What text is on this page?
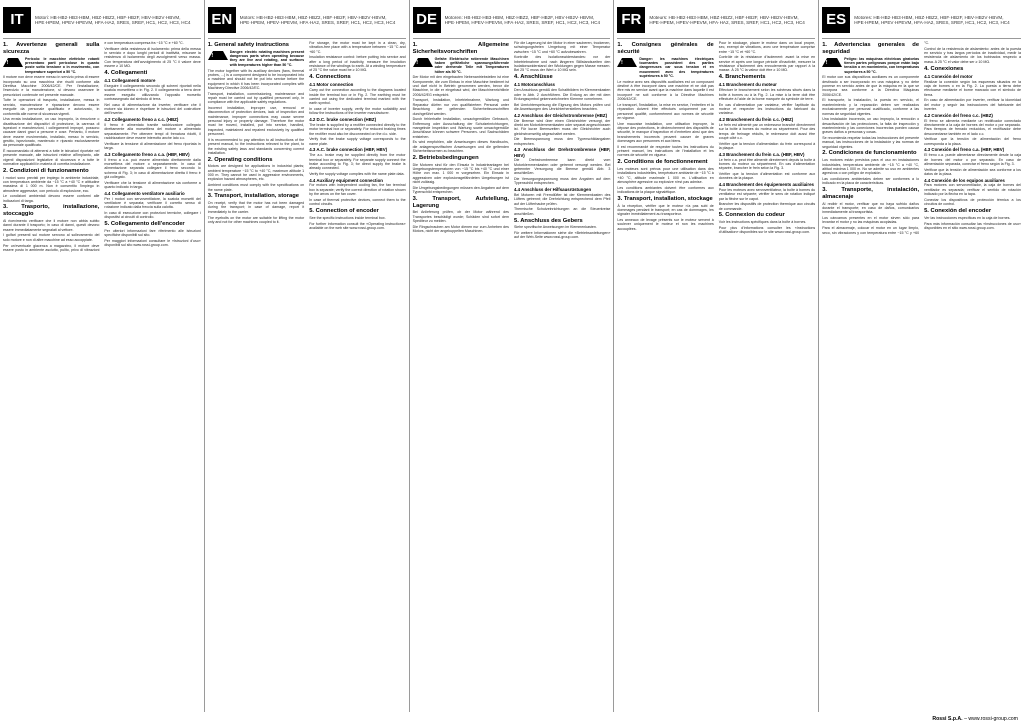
IT	Motori: HB·HB2·HB3·HBM, HBZ·HBZ2, HBF·HB2F, HBV·HB2V·HBVM, HPE·HPEM, HPEV·HPEVM, HFA·HA2, SRES, SREF, HC1, HC2, HC3, HC4
1. Avvertenze generali sulla sicurezza
!

Pericolo: le macchine elettriche rotanti presentano parti pericolose in quanto poste sotto tensione o in movimento, con temperature superiori a 50 °C.

Il motore non deve essere messo in servizio prima di essere incorporato su una macchina che risulti conforme alla Direttiva Macchine 2006/42/CE. Per l'installazione, l'esercizio e la manutenzione, si devono osservare le prescrizioni contenute nel presente manuale.

Tutte le operazioni di trasporto, installazione, messa in servizio, manutenzione e riparazione devono essere eseguite da personale qualificato e autorizzato, in conformità alle norme di sicurezza vigenti.

Una errata installazione, un uso improprio, la rimozione o disattivazione dei dispositivi di protezione, la carenza di ispezioni e manutenzioni, i collegamenti impropri, possono causare danni gravi a persone e cose. Pertanto, il motore deve essere movimentato, installato, messo in servizio, gestito, ispezionato, mantenuto e riparato esclusivamente da personale qualificato.

È raccomandato di attenersi a tutte le istruzioni riportate nel presente manuale, alle istruzioni relative all'impianto, alle vigenti disposizioni legislative di sicurezza e a tutte le normative applicabili in materia di corretta installazione.

2. Condizioni di funzionamento

I motori sono previsti per impiego in ambiente industriale, con temperatura ambiente da −15 °C a +40 °C e altitudine massima di 1 000 m. Non è consentito l'impiego in atmosfere aggressive, con pericolo di esplosione, ecc.

Le condizioni ambientali devono essere conformi alle indicazioni di targa.

3. Trasporto, installazione, stoccaggio

Al ricevimento verificare che il motore non abbia subito danni durante il trasporto; in caso di danni, questi devono essere immediatamente segnalati al vettore.

I golfari presenti sul motore servono al sollevamento del solo motore e non di altre macchine ad esso accoppiate.

Per un'eventuale giacenza a magazzino, il motore deve essere posto in ambiente asciutto, pulito, privo di vibrazioni e con temperatura compresa fra −15 °C e +60 °C.

Verificare della resistenza di isolamento: prima della messa in servizio e dopo lunghi periodi di inattività, misurare la resistenza di isolamento degli avvolgimenti verso massa. Con temperatura dell'avvolgimento di 25 °C il valore deve essere ≥ 10 MΩ.

4. Collegamenti
4.1 Collegamenti motore

Eseguire il collegamento secondo gli schemi riportati nella scatola morsettiera o in Fig. 2. Il collegamento a terra deve essere eseguito utilizzando l'apposito morsetto contrassegnato dal simbolo di terra.

Nel caso di alimentazione da inverter, verificare che il motore sia idoneo e rispettare le istruzioni del costruttore dell'inverter.

4.2 Collegamento freno a c.c. (HBZ)

Il freno è alimentato tramite raddrizzatore collegato direttamente alla morsettiera del motore o alimentato separatamente. Per ottenere tempi di frenatura ridotti, il raddrizzatore deve essere interrotto anche lato c.c.

Verificare la tensione di alimentazione del freno riportata in targa.

4.3 Collegamento freno a c.a. (HBF, HBV)

Il freno a c.a. può essere alimentato direttamente dalla morsettiera del motore o separatamente. In caso di alimentazione separata collegare il freno secondo lo schema di Fig. 3; in caso di alimentazione diretta il freno è già collegato.

Verificare che la tensione di alimentazione sia conforme a quanto indicato in targa.

4.4 Collegamento ventilatore ausiliario

Per i motori con servoventilatore, la scatola morsetti del ventilatore è separata; verificare il corretto senso di rotazione indicato dalla freccia sulla calotta.

In caso di esecuzione con protezioni termiche, collegare i dispositivi ai circuiti di controllo.

5. Collegamento dell'encoder

Per ulteriori informazioni fare riferimento alle istruzioni specifiche disponibili sul sito.

Per maggiori informazioni consultare le «Istruzioni d'uso» disponibili sul sito www.rossi-group.com.

EN	Motors: HB·HB2·HB3·HBM, HBZ·HBZ2, HBF·HB2F, HBV·HB2V·HBVM, HPE·HPEM, HPEV·HPEVM, HFA·HA2, SRES, SREF, HC1, HC2, HC3, HC4
1. General safety instructions
!

Danger: electric rotating machines present dangerous parts when operating because they are live and rotating, and surfaces with temperatures higher than 50 °C.

The motor together with its auxiliary devices (fans, thermal probes, ...) is a component designed to be incorporated into a machine and should not be put into service before the equipment in which it has been incorporated complies with Machinery Directive 2006/42/EC.

Transport, installation, commissioning, maintenance and repair must be carried out by qualified personnel only, in compliance with the applicable safety regulations.

Incorrect installation, improper use, removal or disconnection of protection devices, lack of inspection and maintenance, improper connections may cause severe personal injury or property damage. Therefore the motor must be moved, installed, put into service, handled, inspected, maintained and repaired exclusively by qualified personnel.

It is recommended to pay attention to all instructions of the present manual, to the instructions relevant to the plant, to the existing safety laws and standards concerning correct installation.

2. Operating conditions

Motors are designed for applications in industrial plants; ambient temperature −15 °C to +40 °C, maximum altitude 1 000 m. They cannot be used in aggressive environments, explosion hazard atmospheres, etc.

Ambient conditions must comply with the specifications on the name plate.

3. Transport, installation, storage

On receipt, verify that the motor has not been damaged during the transport; in case of damage, report it immediately to the carrier.

The eyebolts on the motor are suitable for lifting the motor only and not for other machines coupled to it.

For storage, the motor must be kept in a clean, dry, vibration-free place with a temperature between −15 °C and +60 °C.

Insulation resistance control: before putting into service and after a long period of inactivity, measure the insulation resistance of the windings to earth. At a winding temperature of 25 °C the value must be ≥ 10 MΩ.

4. Connections
4.1 Motor connection

Carry out the connection according to the diagrams located inside the terminal box or in Fig. 2. The earthing must be carried out using the dedicated terminal marked with the earth symbol.

In case of inverter supply, verify the motor suitability and follow the instructions of the inverter manufacturer.

4.2 D.C. brake connection (HBZ)

The brake is supplied by a rectifier connected directly to the motor terminal box or separately. For reduced braking times the rectifier must also be disconnected on the d.c. side.

Verify that the brake supply voltage corresponds to the name plate.

4.3 A.C. brake connection (HBF, HBV)

The a.c. brake may be supplied directly from the motor terminal box or separately. For separate supply connect the brake according to Fig. 3; for direct supply the brake is already connected.

Verify the supply voltage complies with the name plate data.

4.4 Auxiliary equipment connection

For motors with independent cooling fan, the fan terminal box is separate; verify the correct direction of rotation shown by the arrow on the fan cover.

In case of thermal protective devices, connect them to the control circuits.

5. Connection of encoder

See the specific instructions inside terminal box.

For further information consult the «Operating instructions» available on the web site www.rossi-group.com.

DE	Motoren: HB·HB2·HB3·HBM, HBZ·HBZ2, HBF·HB2F, HBV·HB2V·HBVM, HPE·HPEM, HPEV·HPEVM, HFA·HA2, SRES, SREF, HC1, HC2, HC3, HC4
1. Allgemeine Sicherheitsvorschriften
!

Gefahr: Elektrische rotierende Maschinen haben gefährliche spannungsführende oder drehende Teile mit Temperaturen höher als 50 °C.

Der Motor mit den eingebauten Nebenantriebsteilen ist eine Komponente, die zum Einbau in eine Maschine bestimmt ist und darf nicht in Betrieb genommen werden, bevor die Maschine, in die er eingebaut wird, der Maschinenrichtlinie 2006/42/EG entspricht.

Transport, Installation, Inbetriebnahme, Wartung und Reparatur dürfen nur von qualifiziertem Personal unter Beachtung der geltenden Sicherheitsvorschriften durchgeführt werden.

Durch fehlerhafte Installation, unsachgemäßen Gebrauch, Entfernung oder Ausschaltung der Schutzeinrichtungen, mangelnde Inspektion und Wartung sowie unsachgemäße Anschlüsse können schwere Personen- und Sachschäden entstehen.

Es wird empfohlen, alle Anweisungen dieses Handbuchs, die anlagenspezifischen Anweisungen und die geltenden Sicherheitsnormen zu beachten.

2. Betriebsbedingungen

Die Motoren sind für den Einsatz in Industrieanlagen bei Umgebungstemperaturen von −15 °C bis +40 °C und einer Höhe von max. 1 000 m vorgesehen. Ein Einsatz in aggressiven oder explosionsgefährdeten Umgebungen ist nicht zulässig.

Die Umgebungsbedingungen müssen den Angaben auf dem Typenschild entsprechen.

3. Transport, Aufstellung, Lagerung

Bei Anlieferung prüfen, ob der Motor während des Transportes beschädigt wurde; Schäden sind sofort dem Spediteur zu melden.

Die Ringschrauben am Motor dienen nur zum Anheben des Motors, nicht der angekuppelten Maschinen.

Für die Lagerung ist der Motor in einer sauberen, trockenen, schwingungsfreien Umgebung mit einer Temperatur zwischen −15 °C und +60 °C aufzubewahren.

Kontrolle des Isolationswiderstandes: vor der Inbetriebnahme und nach längeren Stillstandszeiten den Isolationswiderstand der Wicklungen gegen Masse messen. Bei 25 °C muss der Wert ≥ 10 MΩ sein.

4. Anschlüsse
4.1 Motoranschluss

Den Anschluss gemäß den Schaltbildern im Klemmenkasten oder in Abb. 2 durchführen. Die Erdung an der mit dem Erdungssymbol gekennzeichneten Klemme vornehmen.

Bei Umrichterspeisung die Eignung des Motors prüfen und die Anweisungen des Umrichterherstellers beachten.

4.2 Anschluss der Gleichstrombremse (HBZ)

Die Bremse wird über einen Gleichrichter versorgt, der direkt am Motorklemmenkasten oder separat angeschlossen ist. Für kurze Bremszeiten muss der Gleichrichter auch gleichstromseitig abgeschaltet werden.

Die Bremsspannung muss den Typenschildangaben entsprechen.

4.3 Anschluss der Drehstrombremse (HBF, HBV)

Die Drehstrombremse kann direkt vom Motorklemmenkasten oder getrennt versorgt werden. Bei getrennter Versorgung die Bremse gemäß Abb. 3 anschließen.

Die Versorgungsspannung muss den Angaben auf dem Typenschild entsprechen.

4.4 Anschluss der Hilfsausrüstungen

Bei Motoren mit Fremdlüfter ist der Klemmenkasten des Lüfters getrennt; die Drehrichtung entsprechend dem Pfeil auf der Lüfterhaube prüfen.

Thermische Schutzeinrichtungen an die Steuerkreise anschließen.

5. Anschluss des Gebers

Siehe spezifische Anweisungen im Klemmenkasten.

Für weitere Informationen siehe die «Betriebsanleitungen» auf der Web-Seite www.rossi-group.com.

FR	Moteurs: HB·HB2·HB3·HBM, HBZ·HBZ2, HBF·HB2F, HBV·HB2V·HBVM, HPE·HPEM, HPEV·HPEVM, HFA·HA2, SRES, SREF, HC1, HC2, HC3, HC4
1. Consignes générales de sécurité
!

Danger: les machines électriques tournantes possèdent des parties dangereuses car sous tension et en mouvement avec des températures supérieures à 50 °C.

Le moteur avec ses dispositifs auxiliaires est un composant destiné à être incorporé dans une machine et ne doit pas être mis en service avant que la machine dans laquelle il est incorporé ne soit conforme à la Directive Machines 2006/42/CE.

Le transport, l'installation, la mise en service, l'entretien et la réparation doivent être effectués uniquement par un personnel qualifié, conformément aux normes de sécurité en vigueur.

Une mauvaise installation, une utilisation impropre, la dépose des protections, le déclenchement des dispositifs de sécurité, le manque d'inspection et d'entretien ainsi que des branchements incorrects peuvent causer de graves dommages aux personnes et aux biens.

Il est recommandé de respecter toutes les instructions du présent manuel, les instructions de l'installation et les normes de sécurité en vigueur.

2. Conditions de fonctionnement

Les moteurs sont prévus pour une utilisation dans des installations industrielles, température ambiante de −15 °C à +40 °C, altitude maximale 1 000 m. L'utilisation en atmosphère agressive ou explosive n'est pas admise.

Les conditions ambiantes doivent être conformes aux indications de la plaque signalétique.

3. Transport, installation, stockage

À la réception, vérifier que le moteur n'a pas subi de dommages pendant le transport; en cas de dommages, les signaler immédiatement au transporteur.

Les anneaux de levage présents sur le moteur servent à soulever uniquement le moteur et non les machines accouplées.

Pour le stockage, placer le moteur dans un local propre, sec, exempt de vibrations, avec une température comprise entre −15 °C et +60 °C.

Contrôle de la résistance d'isolement: avant la mise en service et après une longue période d'inactivité, mesurer la résistance d'isolement des enroulements par rapport à la masse. À 25 °C la valeur doit être ≥ 10 MΩ.

4. Branchements
4.1 Branchement du moteur

Effectuer le branchement selon les schémas situés dans la boîte à bornes ou à la Fig. 2. La mise à la terre doit être effectuée à l'aide de la borne marquée du symbole de terre.

En cas d'alimentation par variateur, vérifier l'aptitude du moteur et respecter les instructions du fabricant du variateur.

4.2 Branchement du frein c.c. (HBZ)

Le frein est alimenté par un redresseur branché directement sur la boîte à bornes du moteur ou séparément. Pour des temps de freinage réduits, le redresseur doit aussi être coupé côté c.c.

Vérifier que la tension d'alimentation du frein correspond à la plaque.

4.3 Branchement du frein c.a. (HBF, HBV)

Le frein c.a. peut être alimenté directement depuis la boîte à bornes du moteur ou séparément. En cas d'alimentation séparée, brancher le frein selon la Fig. 3.

Vérifier que la tension d'alimentation est conforme aux données de la plaque.

4.4 Branchement des équipements auxiliaires

Pour les moteurs avec servoventilateur, la boîte à bornes du ventilateur est séparée; vérifier le sens de rotation indiqué par la flèche sur le capot.

Brancher les dispositifs de protection thermique aux circuits de commande.

5. Connexion du codeur

Voir les instructions spécifiques dans la boîte à bornes.

Pour plus d'informations consulter les «Instructions d'utilisation» disponibles sur le site www.rossi-group.com.

ES	Motores: HB·HB2·HB3·HBM, HBZ·HBZ2, HBF·HB2F, HBV·HB2V·HBVM, HPE·HPEM, HPEV·HPEVM, HFA·HA2, SRES, SREF, HC1, HC2, HC3, HC4
1. Advertencias generales de seguridad
!

Peligro: las máquinas eléctricas giratorias tienen partes peligrosas porque están bajo tensión o en movimiento, con temperaturas superiores a 50 °C.

El motor con sus dispositivos auxiliares es un componente destinado a ser incorporado en una máquina y no debe ponerse en servicio antes de que la máquina en la que se incorpora sea conforme a la Directiva Máquinas 2006/42/CE.

El transporte, la instalación, la puesta en servicio, el mantenimiento y la reparación deben ser realizados exclusivamente por personal cualificado, conforme a las normas de seguridad vigentes.

Una instalación incorrecta, un uso impropio, la remoción o desactivación de las protecciones, la falta de inspección y mantenimiento y las conexiones incorrectas pueden causar graves daños a personas y cosas.

Se recomienda respetar todas las instrucciones del presente manual, las instrucciones de la instalación y las normas de seguridad vigentes.

2. Condiciones de funcionamiento

Los motores están previstos para el uso en instalaciones industriales, temperatura ambiente de −15 °C a +40 °C, altitud máxima 1 000 m. No se admite su uso en ambientes agresivos o con peligro de explosión.

Las condiciones ambientales deben ser conformes a lo indicado en la placa de características.

3. Transporte, instalación, almacenaje

Al recibir el motor, verificar que no haya sufrido daños durante el transporte; en caso de daños, comunicarlos inmediatamente al transportista.

Los cáncamos presentes en el motor sirven sólo para levantar el motor y no las máquinas acopladas.

Para el almacenaje, colocar el motor en un lugar limpio, seco, sin vibraciones y con temperatura entre −15 °C y +60 °C.

Control de la resistencia de aislamiento: antes de la puesta en servicio y tras largos períodos de inactividad, medir la resistencia de aislamiento de los bobinados respecto a masa. A 25 °C el valor debe ser ≥ 10 MΩ.

4. Conexiones
4.1 Conexión del motor

Realizar la conexión según los esquemas situados en la caja de bornes o en la Fig. 2. La puesta a tierra debe efectuarse mediante el borne marcado con el símbolo de tierra.

En caso de alimentación por inverter, verificar la idoneidad del motor y seguir las instrucciones del fabricante del inverter.

4.2 Conexión del freno c.c. (HBZ)

El freno se alimenta mediante un rectificador conectado directamente a la caja de bornes del motor o por separado. Para tiempos de frenado reducidos, el rectificador debe desconectarse también en el lado c.c.

Verificar que la tensión de alimentación del freno corresponda a la placa.

4.3 Conexión del freno c.a. (HBF, HBV)

El freno c.a. puede alimentarse directamente desde la caja de bornes del motor o por separado. En caso de alimentación separada, conectar el freno según la Fig. 3.

Verificar que la tensión de alimentación sea conforme a los datos de la placa.

4.4 Conexión de los equipos auxiliares

Para motores con servoventilador, la caja de bornes del ventilador es separada; verificar el sentido de rotación indicado por la flecha en la tapa.

Conectar los dispositivos de protección térmica a los circuitos de control.

5. Conexión del encoder

Ver las instrucciones específicas en la caja de bornes.

Para más información consultar las «Instrucciones de uso» disponibles en el sitio www.rossi-group.com.

Rossi S.p.A. – www.rossi-group.com
